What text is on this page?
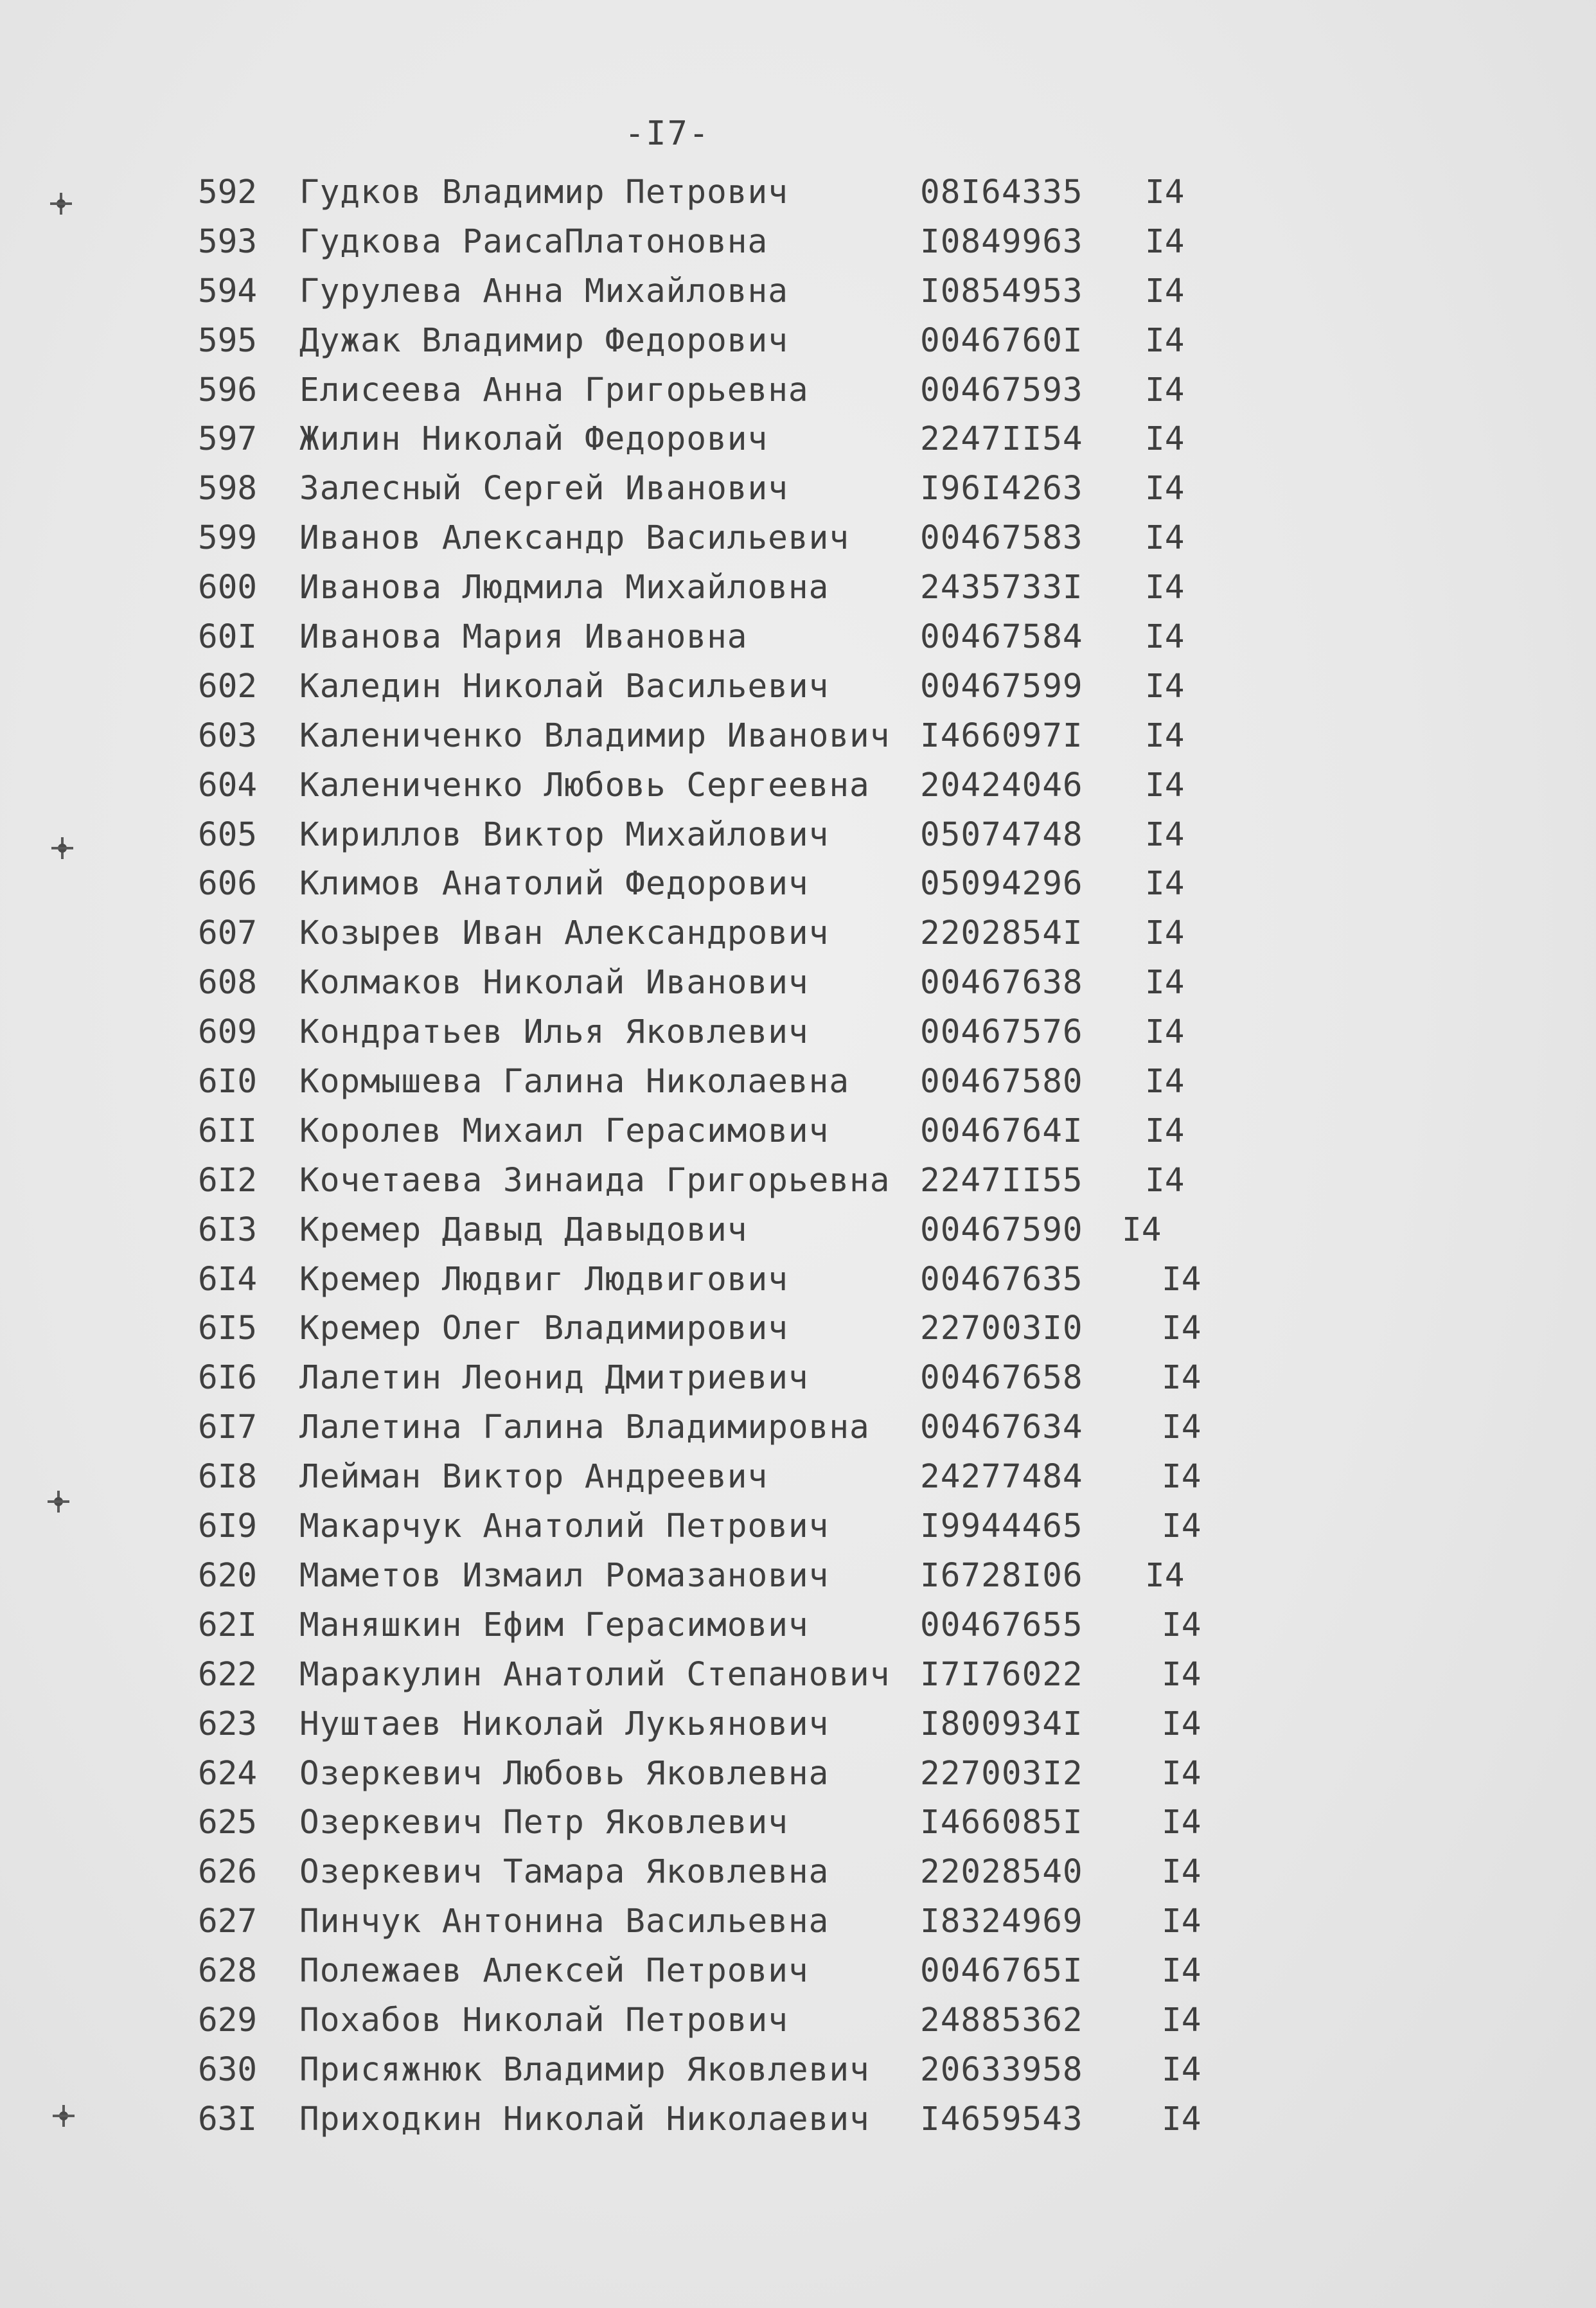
-I7-
592 Гудков Владимир Петрович	08I64335 I4
593 Гудкова РаисаПлатоновна	I0849963 I4
594 Гурулева Анна Михайловна	I0854953 I4
595 Дужак Владимир Федорович	0046760I I4
596 Елисеева Анна Григорьевна	00467593 I4
597 Жилин Николай Федорович	2247II54 I4
598 Залесный Сергей Иванович	I96I4263 I4
599 Иванов Александр Васильевич 00467583 I4
600 Иванова Людмила Михайловна	2435733I I4
60I Иванова Мария Ивановна	00467584 I4
602 Каледин Николай Васильевич	00467599 I4
603 Калениченко Владимир Иванович I466097I I4
604 Калениченко Любовь Сергеевна 20424046 I4
605 Кириллов Виктор Михайлович	05074748 I4
606 Климов Анатолий Федорович	05094296 I4
607 Козырев Иван Александрович	2202854I I4
608 Колмаков Николай Иванович	00467638 I4
609 Кондратьев Илья Яковлевич	00467576 I4
6I0 Кормышева Галина Николаевна 00467580 I4
6II Королев Михаил Герасимович	0046764I I4
6I2 Кочетаева Зинаида Григорьевна 2247II55 I4
6I3 Кремер Давыд Давыдович	00467590 I4
6I4 Кремер Людвиг Людвигович	00467635 I4
6I5 Кремер Олег Владимирович	227003I0 I4
6I6 Лалетин Леонид Дмитриевич	00467658 I4
6I7 Лалетина Галина Владимировна 00467634 I4
6I8 Лейман Виктор Андреевич	24277484 I4
6I9 Макарчук Анатолий Петрович	I9944465 I4
620 Маметов Измаил Ромазанович	I6728I06 I4
62I Маняшкин Ефим Герасимович	00467655 I4
622 Маракулин Анатолий Степанович I7I76022 I4
623 Нуштаев Николай Лукьянович	I800934I I4
624 Озеркевич Любовь Яковлевна	227003I2 I4
625 Озеркевич Петр Яковлевич	I466085I I4
626 Озеркевич Тамара Яковлевна	22028540 I4
627 Пинчук Антонина Васильевна	I8324969 I4
628 Полежаев Алексей Петрович	0046765I I4
629 Похабов Николай Петрович	24885362 I4
630 Присяжнюк Владимир Яковлевич 20633958 I4
63I Приходкин Николай Николаевич I4659543 I4
